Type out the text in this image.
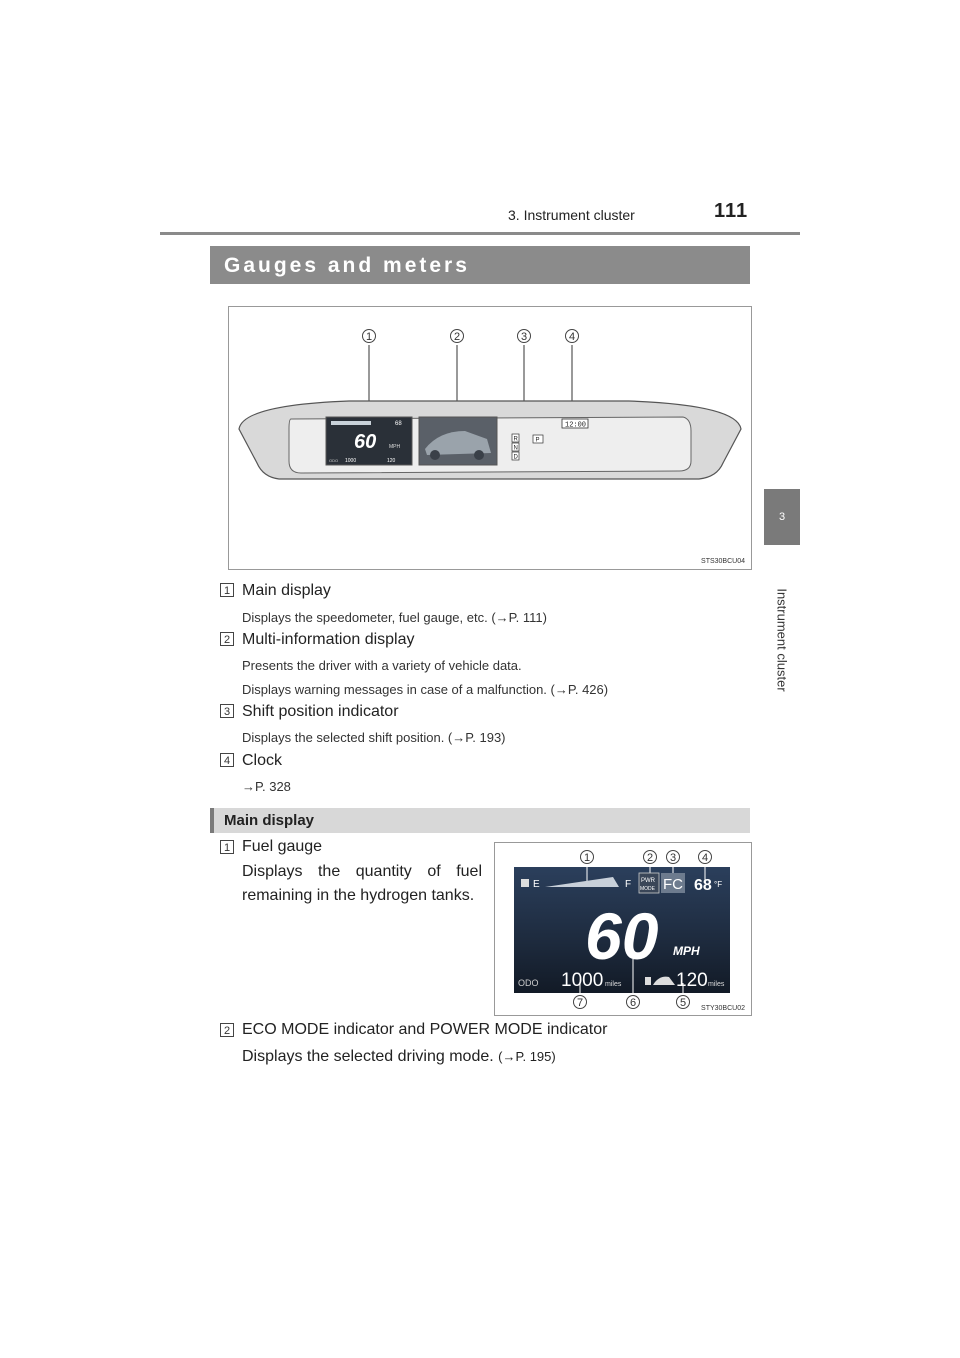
3. Instrument cluster	111
3
Instrument cluster
Gauges and meters
68
60	MPH
ODO 1000	120
R
N
D
P
12:00
1	2	3	4
STS30BCU04
1 Main display
Displays the speedometer, fuel gauge, etc. (→P. 111)
2 Multi-information display
Presents the driver with a variety of vehicle data.
Displays warning messages in case of a malfunction. (→P. 426)
3 Shift position indicator
Displays the selected shift position. (→P. 193)
4 Clock
→P. 328
Main display
E	F PWR
MODE FC 68 °F
60 MPH
ODO 1000 miles	120 miles
1	2	3	4
7	6	5	STY30BCU02
1 Fuel gauge
Displays the quantity of fuel remaining in the hydrogen tanks.
2 ECO MODE indicator and POWER MODE indicator
Displays the selected driving mode. (→P. 195)
